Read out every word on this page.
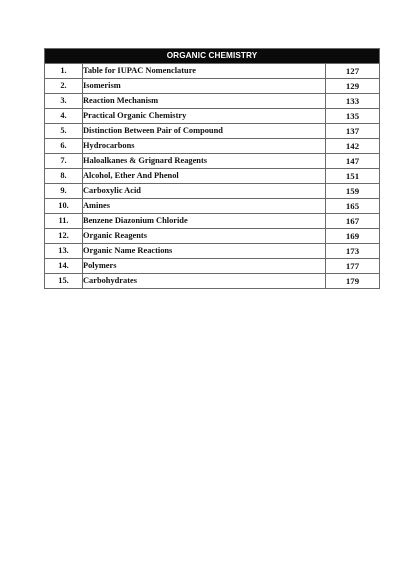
ORGANIC CHEMISTRY		
1.	Table for IUPAC Nomenclature	127
2.	Isomerism	129
3.	Reaction Mechanism	133
4.	Practical Organic Chemistry	135
5.	Distinction Between Pair of Compound	137
6.	Hydrocarbons	142
7.	Haloalkanes & Grignard Reagents	147
8.	Alcohol, Ether And Phenol	151
9.	Carboxylic Acid	159
10.	Amines	165
11.	Benzene Diazonium Chloride	167
12.	Organic Reagents	169
13.	Organic Name Reactions	173
14.	Polymers	177
15.	Carbohydrates	179
